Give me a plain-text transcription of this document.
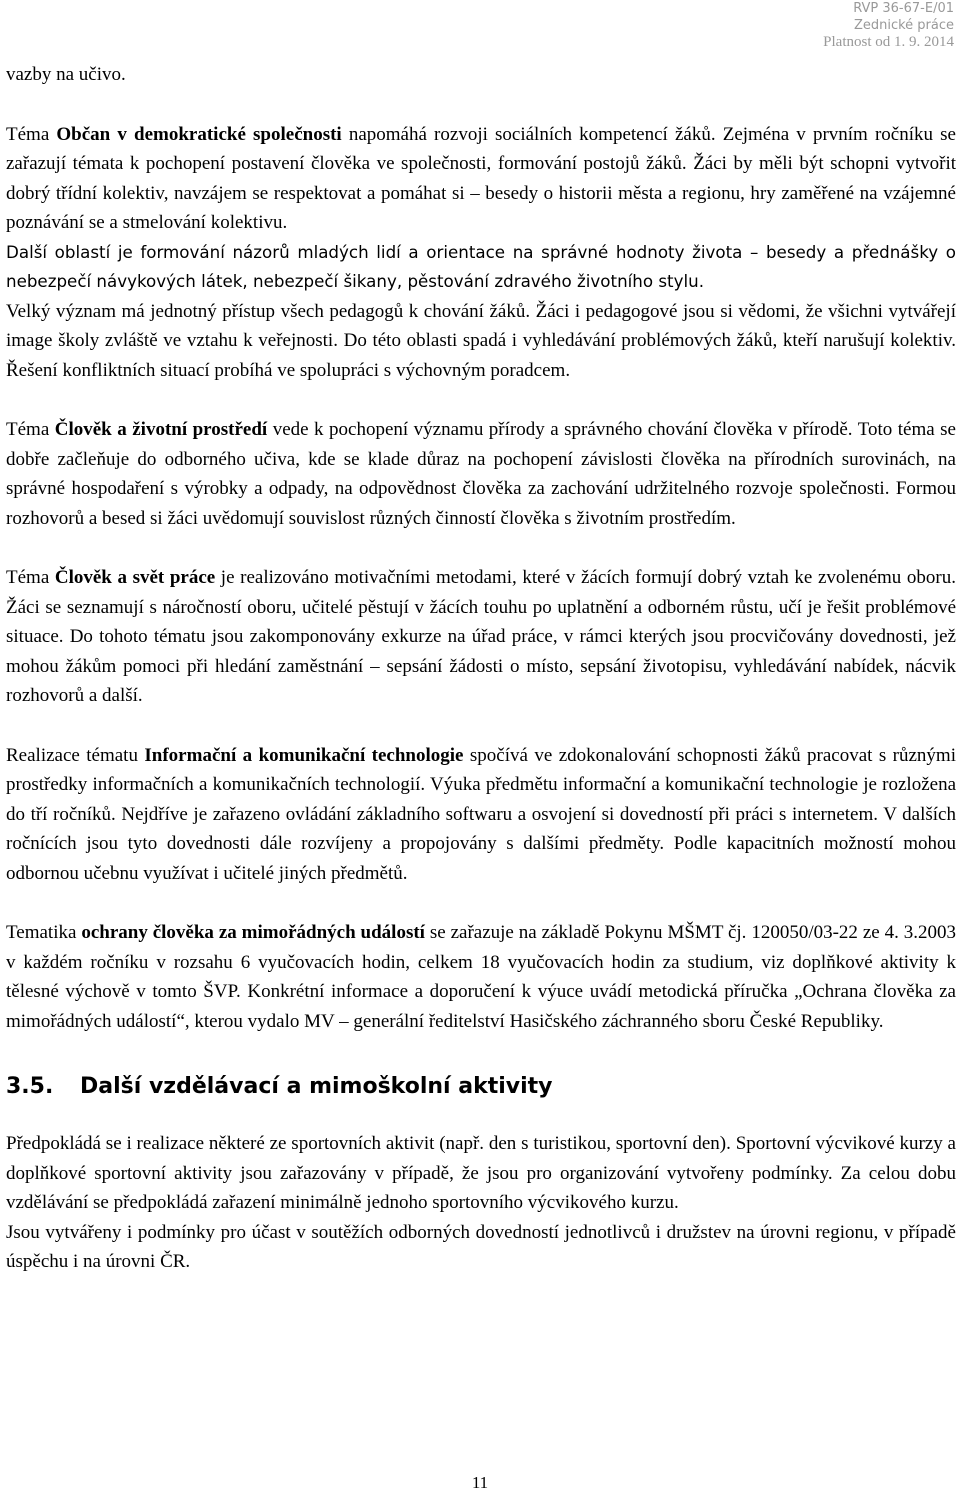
RVP 36-67-E/01
Zednické práce
Platnost od 1. 9. 2014

vazby na učivo.

Téma Občan v demokratické společnosti napomáhá rozvoji sociálních kompetencí žáků. Zejména v prvním ročníku se zařazují témata k pochopení postavení člověka ve společnosti, formování postojů žáků. Žáci by měli být schopni vytvořit dobrý třídní kolektiv, navzájem se respektovat a pomáhat si – besedy o historii města a regionu, hry zaměřené na vzájemné poznávání se a stmelování kolektivu.

Další oblastí je formování názorů mladých lidí a orientace na správné hodnoty života – besedy a přednášky o nebezpečí návykových látek, nebezpečí šikany, pěstování zdravého životního stylu.

Velký význam má jednotný přístup všech pedagogů k chování žáků. Žáci i pedagogové jsou si vědomi, že všichni vytvářejí image školy zvláště ve vztahu k veřejnosti. Do této oblasti spadá i vyhledávání problémových žáků, kteří narušují kolektiv. Řešení konfliktních situací probíhá ve spolupráci s výchovným poradcem.

Téma Člověk a životní prostředí vede k pochopení významu přírody a správného chování člověka v přírodě. Toto téma se dobře začleňuje do odborného učiva, kde se klade důraz na pochopení závislosti člověka na přírodních surovinách, na správné hospodaření s výrobky a odpady, na odpovědnost člověka za zachování udržitelného rozvoje společnosti. Formou rozhovorů a besed si žáci uvědomují souvislost různých činností člověka s životním prostředím.

Téma Člověk a svět práce je realizováno motivačními metodami, které v žácích formují dobrý vztah ke zvolenému oboru. Žáci se seznamují s náročností oboru, učitelé pěstují v žácích touhu po uplatnění a odborném růstu, učí je řešit problémové situace. Do tohoto tématu jsou zakomponovány exkurze na úřad práce, v rámci kterých jsou procvičovány dovednosti, jež mohou žákům pomoci při hledání zaměstnání – sepsání žádosti o místo, sepsání životopisu, vyhledávání nabídek, nácvik rozhovorů a další.

Realizace tématu Informační a komunikační technologie spočívá ve zdokonalování schopnosti žáků pracovat s různými prostředky informačních a komunikačních technologií. Výuka předmětu informační a komunikační technologie je rozložena do tří ročníků. Nejdříve je zařazeno ovládání základního softwaru a osvojení si dovedností při práci s internetem. V dalších ročnících jsou tyto dovednosti dále rozvíjeny a propojovány s dalšími předměty. Podle kapacitních možností mohou odbornou učebnu využívat i učitelé jiných předmětů.

Tematika ochrany člověka za mimořádných událostí se zařazuje na základě Pokynu MŠMT čj. 120050/03-22 ze 4. 3.2003 v každém ročníku v rozsahu 6 vyučovacích hodin, celkem 18 vyučovacích hodin za studium, viz doplňkové aktivity k tělesné výchově v tomto ŠVP. Konkrétní informace a doporučení k výuce uvádí metodická příručka „Ochrana člověka za mimořádných událostí“, kterou vydalo MV – generální ředitelství Hasičského záchranného sboru České Republiky.

3.5.	Další vzdělávací a mimoškolní aktivity

Předpokládá se i realizace některé ze sportovních aktivit (např. den s turistikou, sportovní den). Sportovní výcvikové kurzy a doplňkové sportovní aktivity jsou zařazovány v případě, že jsou pro organizování vytvořeny podmínky. Za celou dobu vzdělávání se předpokládá zařazení minimálně jednoho sportovního výcvikového kurzu.

Jsou vytvářeny i podmínky pro účast v soutěžích odborných dovedností jednotlivců i družstev na úrovni regionu, v případě úspěchu i na úrovni ČR.

11
